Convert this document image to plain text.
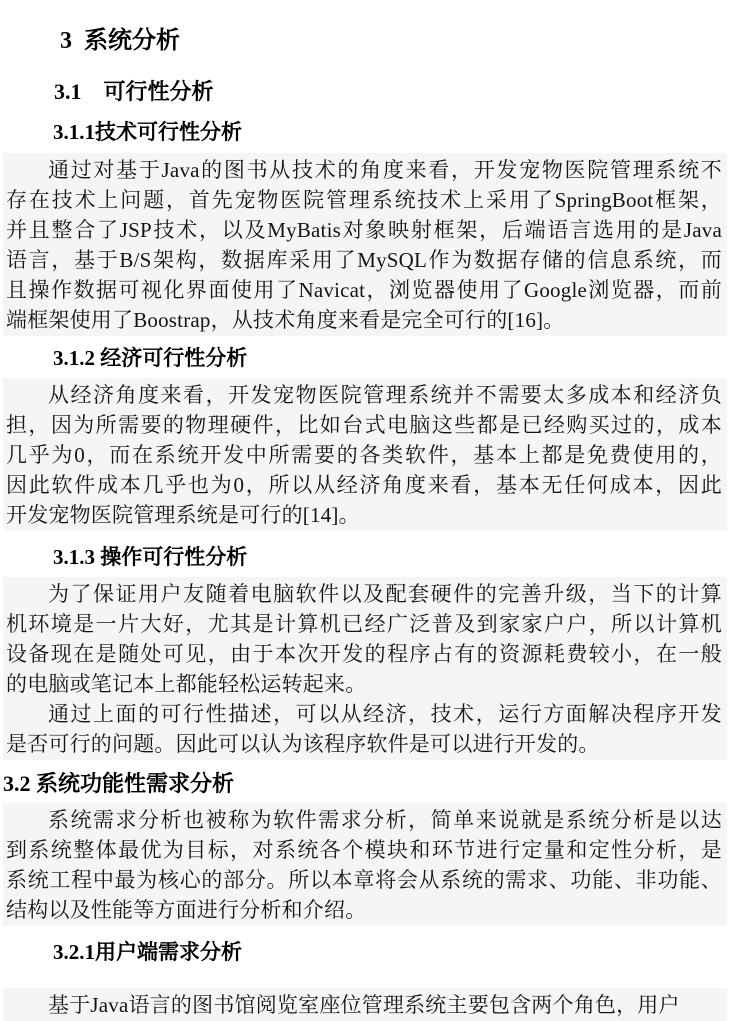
3  系统分析
3.1　可行性分析
3.1.1技术可行性分析
通过对基于Java的图书从技术的角度来看，开发宠物医院管理系统不
存在技术上问题，首先宠物医院管理系统技术上采用了SpringBoot框架，
并且整合了JSP技术，以及MyBatis对象映射框架，后端语言选用的是Java
语言，基于B/S架构，数据库采用了MySQL作为数据存储的信息系统，而
且操作数据可视化界面使用了Navicat，浏览器使用了Google浏览器，而前
端框架使用了Boostrap，从技术角度来看是完全可行的[16]。
3.1.2 经济可行性分析
从经济角度来看，开发宠物医院管理系统并不需要太多成本和经济负
担，因为所需要的物理硬件，比如台式电脑这些都是已经购买过的，成本
几乎为0，而在系统开发中所需要的各类软件，基本上都是免费使用的，
因此软件成本几乎也为0，所以从经济角度来看，基本无任何成本，因此
开发宠物医院管理系统是可行的[14]。
3.1.3 操作可行性分析
为了保证用户友随着电脑软件以及配套硬件的完善升级，当下的计算
机环境是一片大好，尤其是计算机已经广泛普及到家家户户，所以计算机
设备现在是随处可见，由于本次开发的程序占有的资源耗费较小，在一般
的电脑或笔记本上都能轻松运转起来。
通过上面的可行性描述，可以从经济，技术，运行方面解决程序开发
是否可行的问题。因此可以认为该程序软件是可以进行开发的。
3.2 系统功能性需求分析
系统需求分析也被称为软件需求分析，简单来说就是系统分析是以达
到系统整体最优为目标，对系统各个模块和环节进行定量和定性分析，是
系统工程中最为核心的部分。所以本章将会从系统的需求、功能、非功能、
结构以及性能等方面进行分析和介绍。
3.2.1用户端需求分析
基于Java语言的图书馆阅览室座位管理系统主要包含两个角色，用户
